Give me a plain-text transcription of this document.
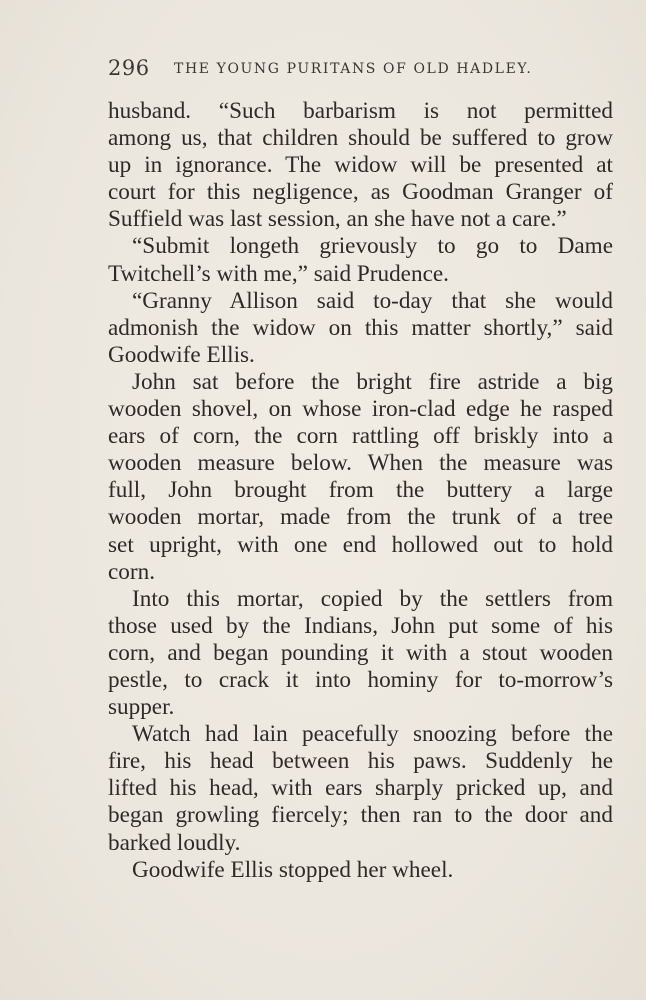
296 THE YOUNG PURITANS OF OLD HADLEY.
husband. “Such barbarism is not permitted
among us, that children should be suffered to grow
up in ignorance. The widow will be presented at
court for this negligence, as Goodman Granger of
Suffield was last session, an she have not a care.”
“Submit longeth grievously to go to Dame
Twitchell’s with me,” said Prudence.
“Granny Allison said to-day that she would
admonish the widow on this matter shortly,” said
Goodwife Ellis.
John sat before the bright fire astride a big
wooden shovel, on whose iron-clad edge he rasped
ears of corn, the corn rattling off briskly into a
wooden measure below. When the measure was
full, John brought from the buttery a large
wooden mortar, made from the trunk of a tree
set upright, with one end hollowed out to hold
corn.
Into this mortar, copied by the settlers from
those used by the Indians, John put some of his
corn, and began pounding it with a stout wooden
pestle, to crack it into hominy for to-morrow’s
supper.
Watch had lain peacefully snoozing before the
fire, his head between his paws. Suddenly he
lifted his head, with ears sharply pricked up, and
began growling fiercely; then ran to the door and
barked loudly.
Goodwife Ellis stopped her wheel.
